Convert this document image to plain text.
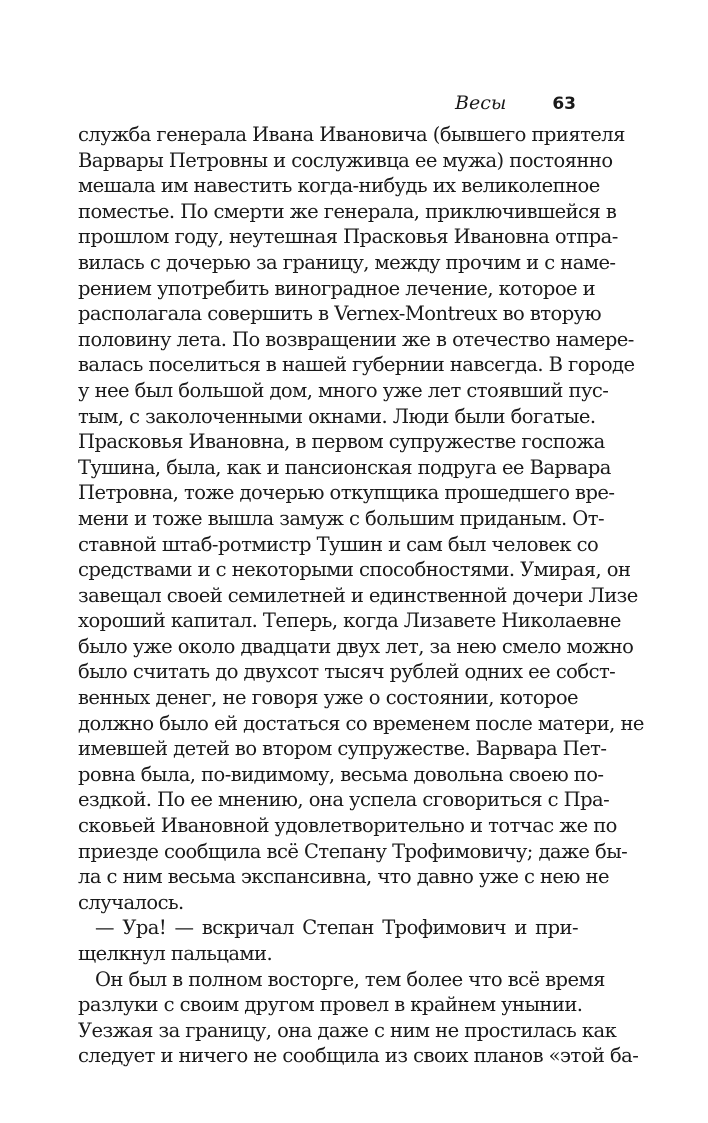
Весы	63
служба генерала Ивана Ивановича (бывшего приятеля
Варвары Петровны и сослуживца ее мужа) постоянно
мешала им навестить когда-нибудь их великолепное
поместье. По смерти же генерала, приключившейся в
прошлом году, неутешная Прасковья Ивановна отпра-
вилась с дочерью за границу, между прочим и с наме-
рением употребить виноградное лечение, которое и
располагала совершить в Vernex-Montreux во вторую
половину лета. По возвращении же в отечество намере-
валась поселиться в нашей губернии навсегда. В городе
у нее был большой дом, много уже лет стоявший пус-
тым, с заколоченными окнами. Люди были богатые.
Прасковья Ивановна, в первом супружестве госпожа
Тушина, была, как и пансионская подруга ее Варвара
Петровна, тоже дочерью откупщика прошедшего вре-
мени и тоже вышла замуж с большим приданым. От-
ставной штаб-ротмистр Тушин и сам был человек со
средствами и с некоторыми способностями. Умирая, он
завещал своей семилетней и единственной дочери Лизе
хороший капитал. Теперь, когда Лизавете Николаевне
было уже около двадцати двух лет, за нею смело можно
было считать до двухсот тысяч рублей одних ее собст-
венных денег, не говоря уже о состоянии, которое
должно было ей достаться со временем после матери, не
имевшей детей во втором супружестве. Варвара Пет-
ровна была, по-видимому, весьма довольна своею по-
ездкой. По ее мнению, она успела сговориться с Пра-
сковьей Ивановной удовлетворительно и тотчас же по
приезде сообщила всё Степану Трофимовичу; даже бы-
ла с ним весьма экспансивна, что давно уже с нею не
случалось.
— Ура! — вскричал Степан Трофимович и при-
щелкнул пальцами.
Он был в полном восторге, тем более что всё время
разлуки с своим другом провел в крайнем унынии.
Уезжая за границу, она даже с ним не простилась как
следует и ничего не сообщила из своих планов «этой ба-
